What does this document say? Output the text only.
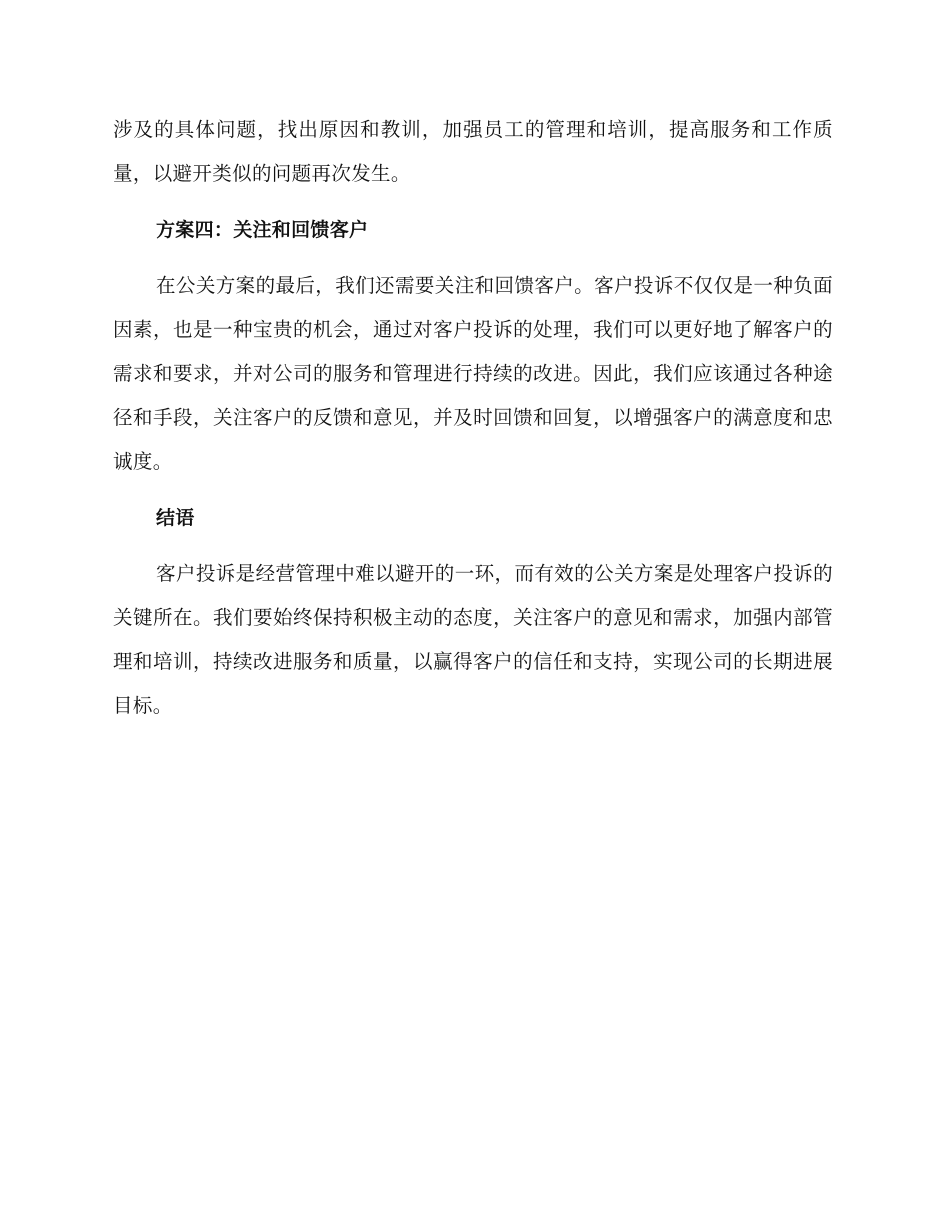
涉及的具体问题，找出原因和教训，加强员工的管理和培训，提高服务和工作质量，以避开类似的问题再次发生。

方案四：关注和回馈客户

在公关方案的最后，我们还需要关注和回馈客户。客户投诉不仅仅是一种负面因素，也是一种宝贵的机会，通过对客户投诉的处理，我们可以更好地了解客户的需求和要求，并对公司的服务和管理进行持续的改进。因此，我们应该通过各种途径和手段，关注客户的反馈和意见，并及时回馈和回复，以增强客户的满意度和忠诚度。

结语

客户投诉是经营管理中难以避开的一环，而有效的公关方案是处理客户投诉的关键所在。我们要始终保持积极主动的态度，关注客户的意见和需求，加强内部管理和培训，持续改进服务和质量，以赢得客户的信任和支持，实现公司的长期进展目标。
